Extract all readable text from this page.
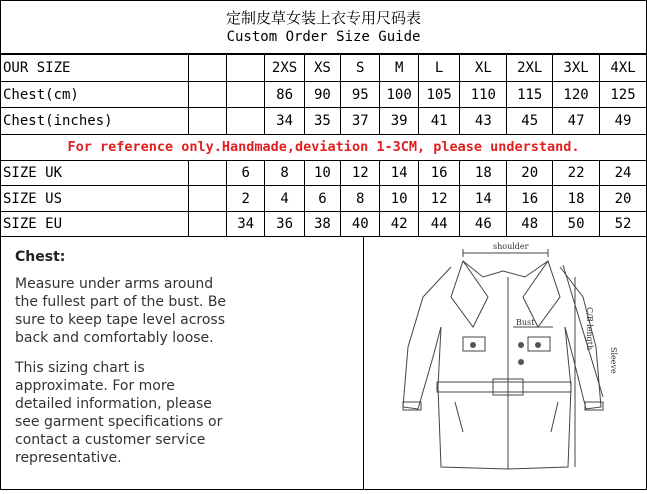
定制皮草女装上衣专用尺码表
Custom Order Size Guide
OUR SIZE			2XS	XS	S	M	L	XL	2XL	3XL	4XL
Chest(cm)			86	90	95	100	105	110	115	120	125
Chest(inches)			34	35	37	39	41	43	45	47	49
For reference only.Handmade,deviation 1-3CM, please understand.
SIZE UK		6	8	10	12	14	16	18	20	22	24
SIZE US		2	4	6	8	10	12	14	16	18	20
SIZE EU		34	36	38	40	42	44	46	48	50	52
Chest:
Measure under arms around
the fullest part of the bust. Be
sure to keep tape level across
back and comfortably loose.
This sizing chart is
approximate. For more
detailed information, please
see garment specifications or
contact a customer service
representative.
shoulder
Bust	C/B length
Sleeve
